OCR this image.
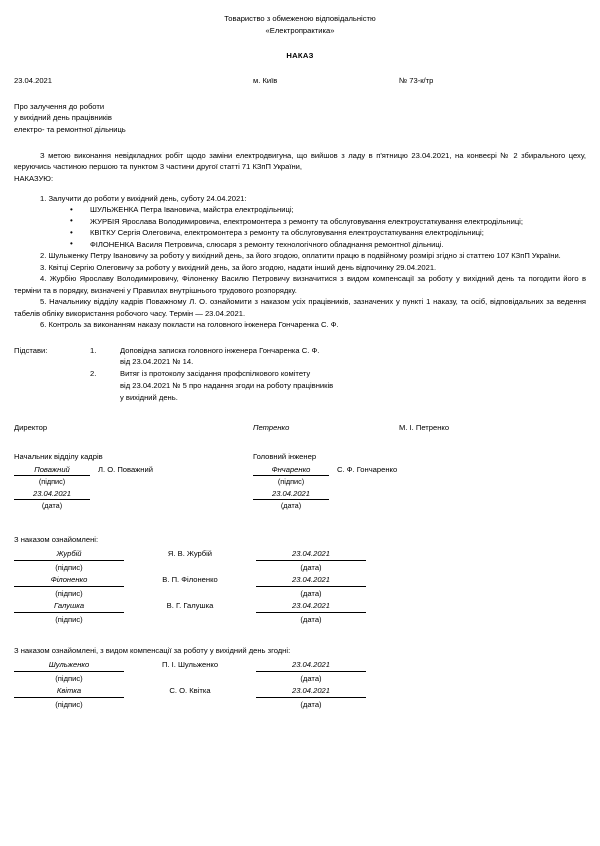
Товариство з обмеженою відповідальністю
«Електропрактика»
НАКАЗ
23.04.2021	м. Київ	№ 73-к/тр
Про залучення до роботи
у вихідний день працівників
електро- та ремонтної дільниць

З метою виконання невідкладних робіт щодо заміни електродвигуна, що вийшов з ладу в п'ятницю 23.04.2021, на конвеєрі № 2 збирального цеху, керуючись частиною першою та пунктом 3 частини другої статті 71 КЗпП України,

НАКАЗУЮ:

1. Залучити до роботи у вихідний день, суботу 24.04.2021:

• ШУЛЬЖЕНКА Петра Івановича, майстра електродільниці;
• ЖУРБІЯ Ярослава Володимировича, електромонтера з ремонту та обслуговування електроустаткування електродільниці;
• КВІТКУ Сергія Олеговича, електромонтера з ремонту та обслуговування електроустаткування електродільниці;
• ФІЛОНЕНКА Василя Петровича, слюсаря з ремонту технологічного обладнання ремонтної дільниці.

2. Шульженку Петру Івановичу за роботу у вихідний день, за його згодою, оплатити працю в подвійному розмірі згідно зі статтею 107 КЗпП України.

3. Квітці Сергію Олеговичу за роботу у вихідний день, за його згодою, надати інший день відпочинку 29.04.2021.

4. Журбію Ярославу Володимировичу, Філоненку Василю Петровичу визначитися з видом компенсації за роботу у вихідний день та погодити його в терміни та в порядку, визначені у Правилах внутрішнього трудового розпорядку.

5. Начальнику відділу кадрів Поважному Л. О. ознайомити з наказом усіх працівників, зазначених у пункті 1 наказу, та осіб, відповідальних за ведення табелів обліку використання робочого часу. Термін — 23.04.2021.

6. Контроль за виконанням наказу покласти на головного інженера Гончаренка С. Ф.

Підстави:	1.	Доповідна записка головного інженера Гончаренка С. Ф.
від 23.04.2021 № 14.
2.	Витяг із протоколу засідання профспілкового комітету
від 23.04.2021 № 5 про надання згоди на роботу працівників
у вихідний день.
Директор	Петренко	М. І. Петренко
Начальник відділу кадрів
Поважний	Л. О. Поважний
(підпис)
23.04.2021
(дата)
Головний інженер
Фнчаренко	С. Ф. Гончаренко
(підпис)
23.04.2021
(дата)
З наказом ознайомлені:
Журбій		Я. В. Журбій		23.04.2021
(підпис)				(дата)
Філоненко		В. П. Філоненко		23.04.2021
(підпис)				(дата)
Галушка		В. Г. Галушка		23.04.2021
(підпис)				(дата)
З наказом ознайомлені, з видом компенсації за роботу у вихідний день згодні:
Шульженко		П. І. Шульженко		23.04.2021
(підпис)				(дата)
Квітка		С. О. Квітка		23.04.2021
(підпис)				(дата)
